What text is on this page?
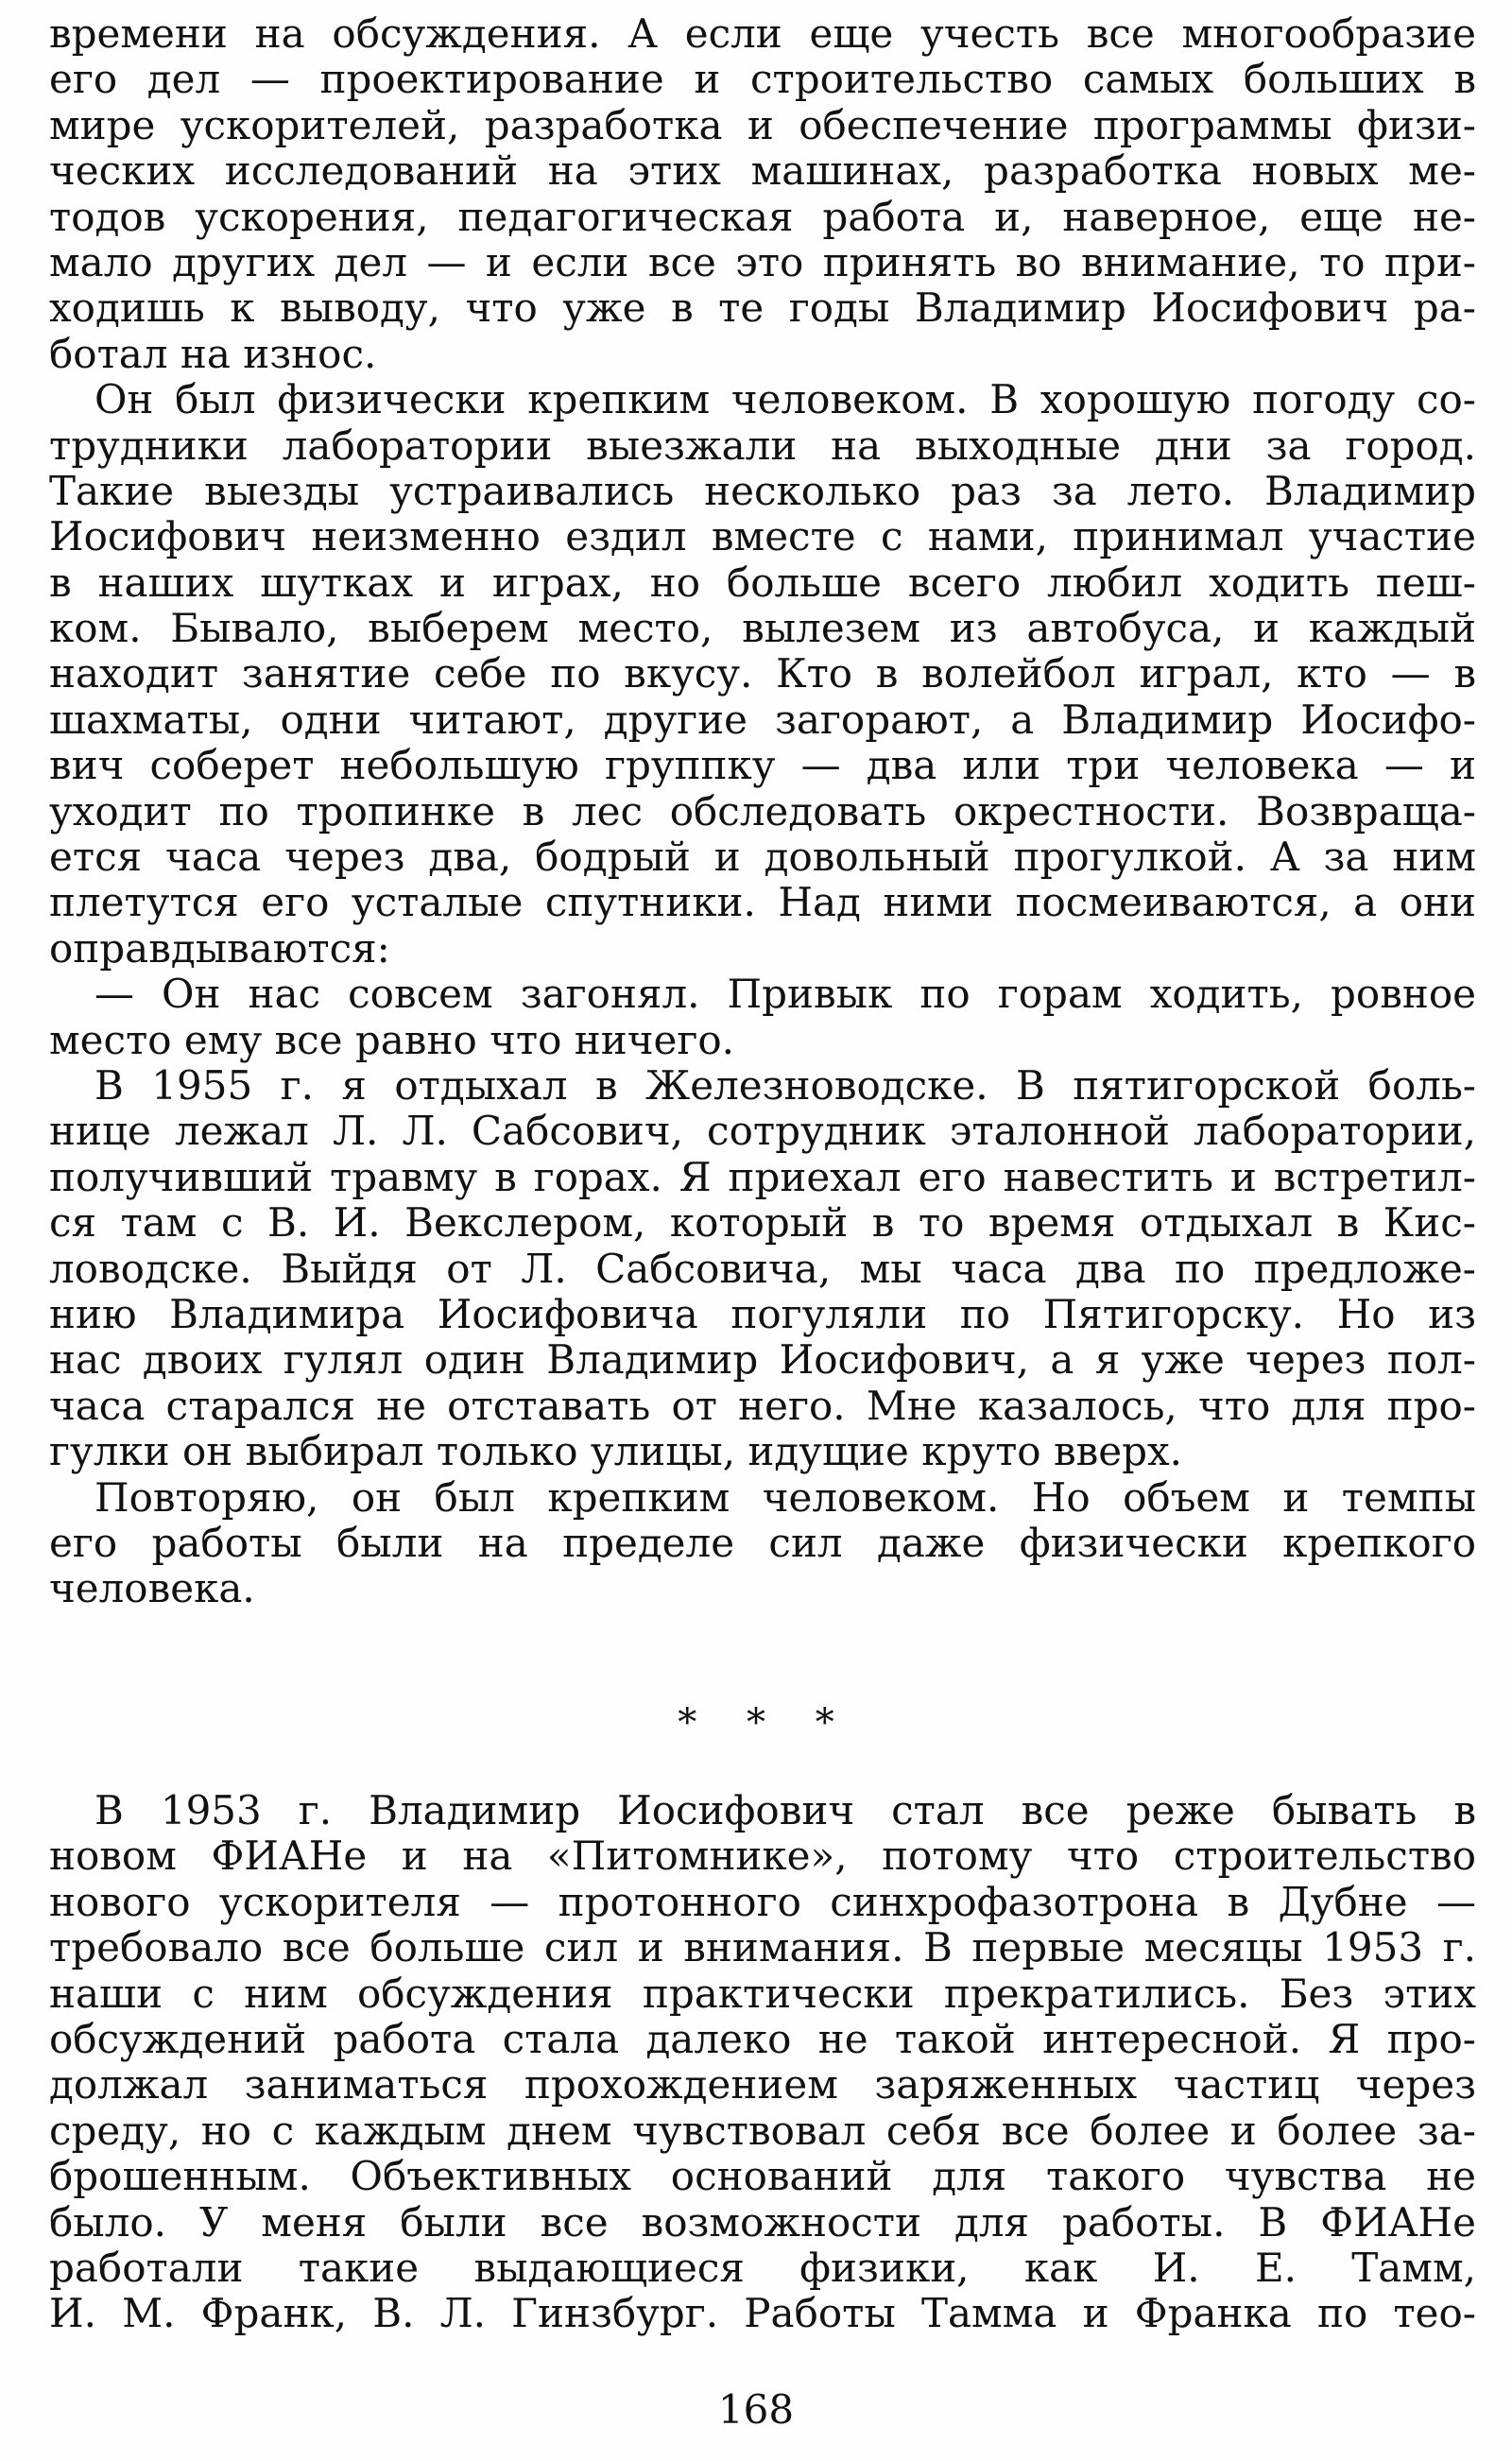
времени на обсуждения. А если еще учесть все многообразие
его дел — проектирование и строительство самых больших в
мире ускорителей, разработка и обеспечение программы физи-
ческих исследований на этих машинах, разработка новых ме-
тодов ускорения, педагогическая работа и, наверное, еще не-
мало других дел — и если все это принять во внимание, то при-
ходишь к выводу, что уже в те годы Владимир Иосифович ра-
ботал на износ.
Он был физически крепким человеком. В хорошую погоду со-
трудники лаборатории выезжали на выходные дни за город.
Такие выезды устраивались несколько раз за лето. Владимир
Иосифович неизменно ездил вместе с нами, принимал участие
в наших шутках и играх, но больше всего любил ходить пеш-
ком. Бывало, выберем место, вылезем из автобуса, и каждый
находит занятие себе по вкусу. Кто в волейбол играл, кто — в
шахматы, одни читают, другие загорают, а Владимир Иосифо-
вич соберет небольшую группку — два или три человека — и
уходит по тропинке в лес обследовать окрестности. Возвраща-
ется часа через два, бодрый и довольный прогулкой. А за ним
плетутся его усталые спутники. Над ними посмеиваются, а они
оправдываются:
— Он нас совсем загонял. Привык по горам ходить, ровное
место ему все равно что ничего.
В 1955 г. я отдыхал в Железноводске. В пятигорской боль-
нице лежал Л. Л. Сабсович, сотрудник эталонной лаборатории,
получивший травму в горах. Я приехал его навестить и встретил-
ся там с В. И. Векслером, который в то время отдыхал в Кис-
ловодске. Выйдя от Л. Сабсовича, мы часа два по предложе-
нию Владимира Иосифовича погуляли по Пятигорску. Но из
нас двоих гулял один Владимир Иосифович, а я уже через пол-
часа старался не отставать от него. Мне казалось, что для про-
гулки он выбирал только улицы, идущие круто вверх.
Повторяю, он был крепким человеком. Но объем и темпы
его работы были на пределе сил даже физически крепкого
человека.
* * *
В 1953 г. Владимир Иосифович стал все реже бывать в
новом ФИАНе и на «Питомнике», потому что строительство
нового ускорителя — протонного синхрофазотрона в Дубне —
требовало все больше сил и внимания. В первые месяцы 1953 г.
наши с ним обсуждения практически прекратились. Без этих
обсуждений работа стала далеко не такой интересной. Я про-
должал заниматься прохождением заряженных частиц через
среду, но с каждым днем чувствовал себя все более и более за-
брошенным. Объективных оснований для такого чувства не
было. У меня были все возможности для работы. В ФИАНе
работали такие выдающиеся физики, как И. Е. Тамм,
И. М. Франк, В. Л. Гинзбург. Работы Тамма и Франка по тео-
168
